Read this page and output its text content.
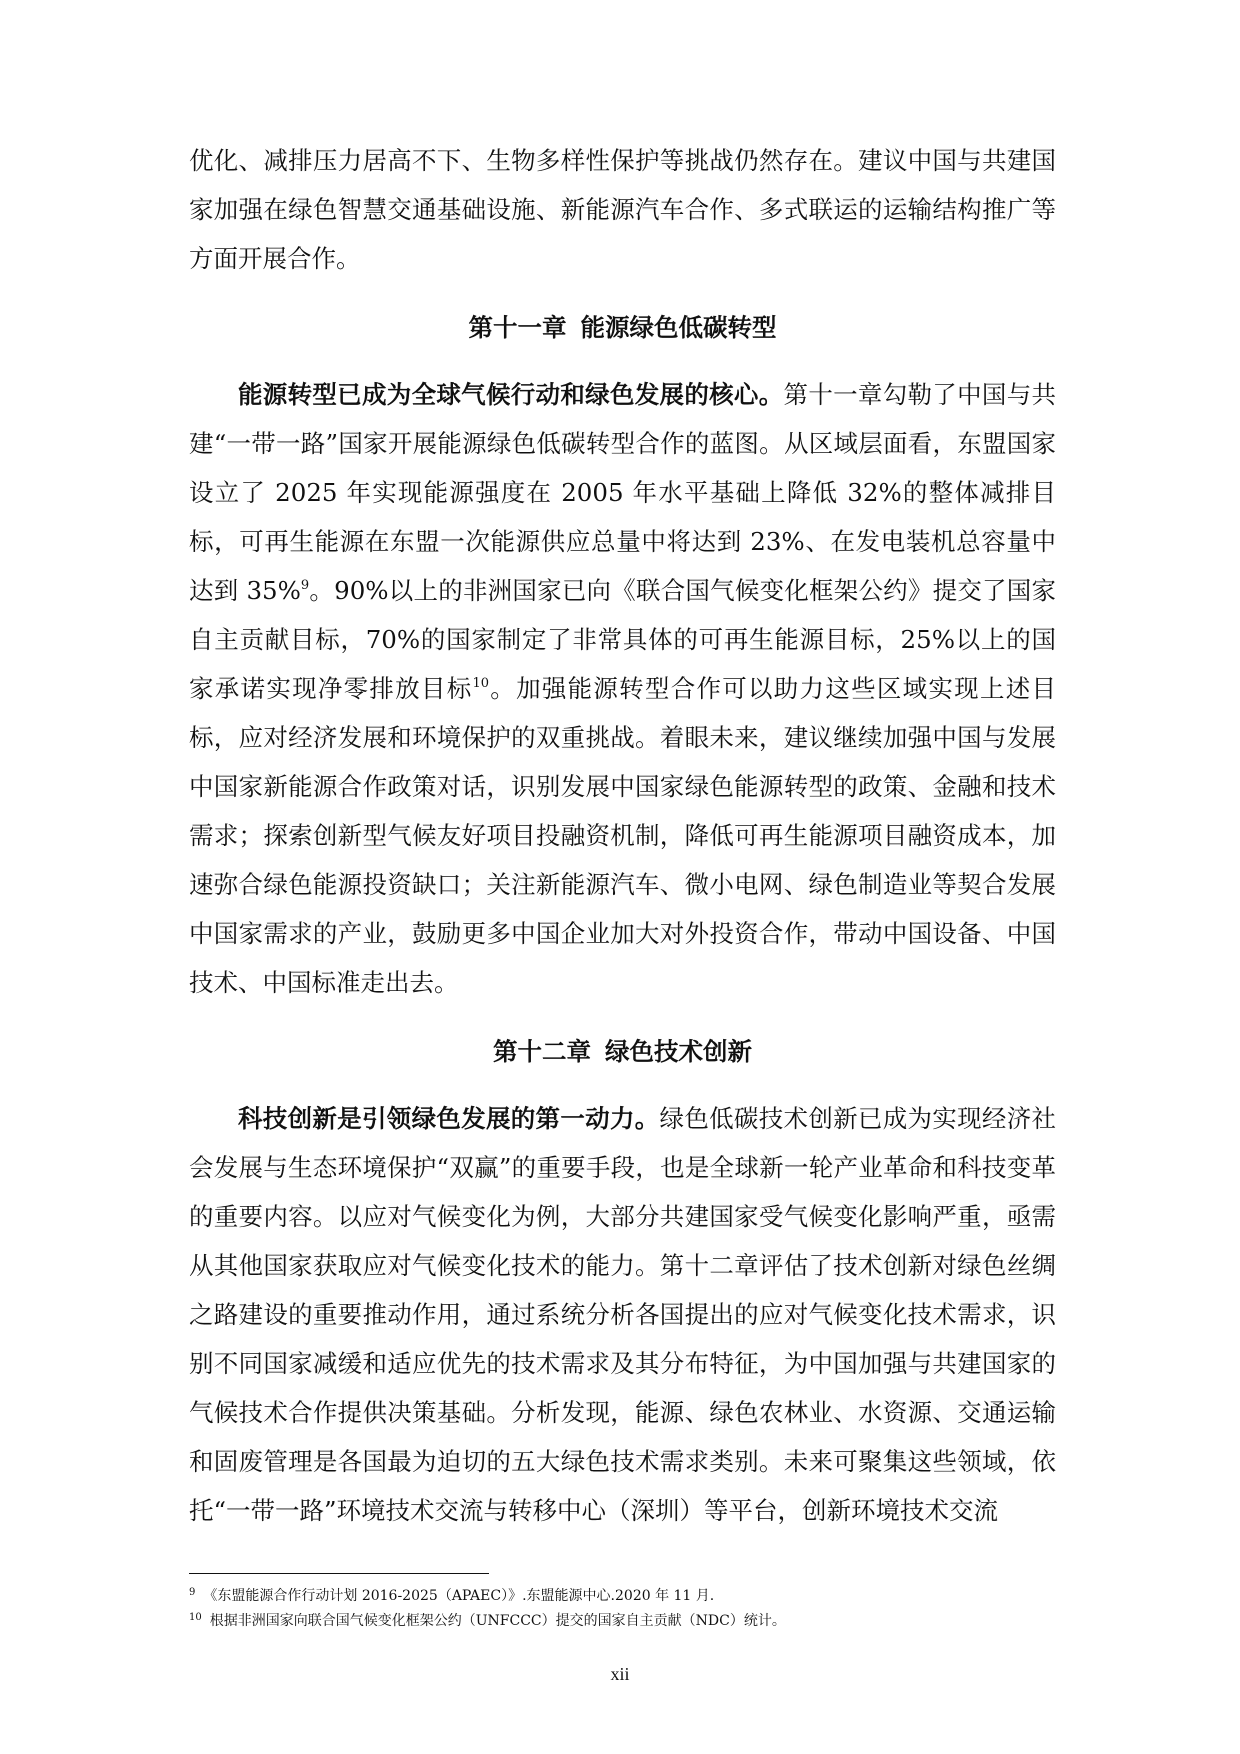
优化、减排压力居高不下、生物多样性保护等挑战仍然存在。建议中国与共建国家加强在绿色智慧交通基础设施、新能源汽车合作、多式联运的运输结构推广等方面开展合作。

第十一章 能源绿色低碳转型

能源转型已成为全球气候行动和绿色发展的核心。第十一章勾勒了中国与共建“一带一路”国家开展能源绿色低碳转型合作的蓝图。从区域层面看，东盟国家设立了 2025 年实现能源强度在 2005 年水平基础上降低 32%的整体减排目标，可再生能源在东盟一次能源供应总量中将达到 23%、在发电装机总容量中达到 35%$^9$。90%以上的非洲国家已向《联合国气候变化框架公约》提交了国家自主贡献目标，70%的国家制定了非常具体的可再生能源目标，25%以上的国家承诺实现净零排放目标$^{10}$。加强能源转型合作可以助力这些区域实现上述目标，应对经济发展和环境保护的双重挑战。着眼未来，建议继续加强中国与发展中国家新能源合作政策对话，识别发展中国家绿色能源转型的政策、金融和技术需求；探索创新型气候友好项目投融资机制，降低可再生能源项目融资成本，加速弥合绿色能源投资缺口；关注新能源汽车、微小电网、绿色制造业等契合发展中国家需求的产业，鼓励更多中国企业加大对外投资合作，带动中国设备、中国技术、中国标准走出去。

第十二章 绿色技术创新

科技创新是引领绿色发展的第一动力。绿色低碳技术创新已成为实现经济社会发展与生态环境保护“双赢”的重要手段，也是全球新一轮产业革命和科技变革的重要内容。以应对气候变化为例，大部分共建国家受气候变化影响严重，亟需从其他国家获取应对气候变化技术的能力。第十二章评估了技术创新对绿色丝绸之路建设的重要推动作用，通过系统分析各国提出的应对气候变化技术需求，识别不同国家减缓和适应优先的技术需求及其分布特征，为中国加强与共建国家的气候技术合作提供决策基础。分析发现，能源、绿色农林业、水资源、交通运输和固废管理是各国最为迫切的五大绿色技术需求类别。未来可聚集这些领域，依托“一带一路”环境技术交流与转移中心（深圳）等平台，创新环境技术交流

$^9$ 《东盟能源合作行动计划 2016-2025（APAEC）》.东盟能源中心.2020 年 11 月.

$^{10}$ 根据非洲国家向联合国气候变化框架公约（UNFCCC）提交的国家自主贡献（NDC）统计。

xii
